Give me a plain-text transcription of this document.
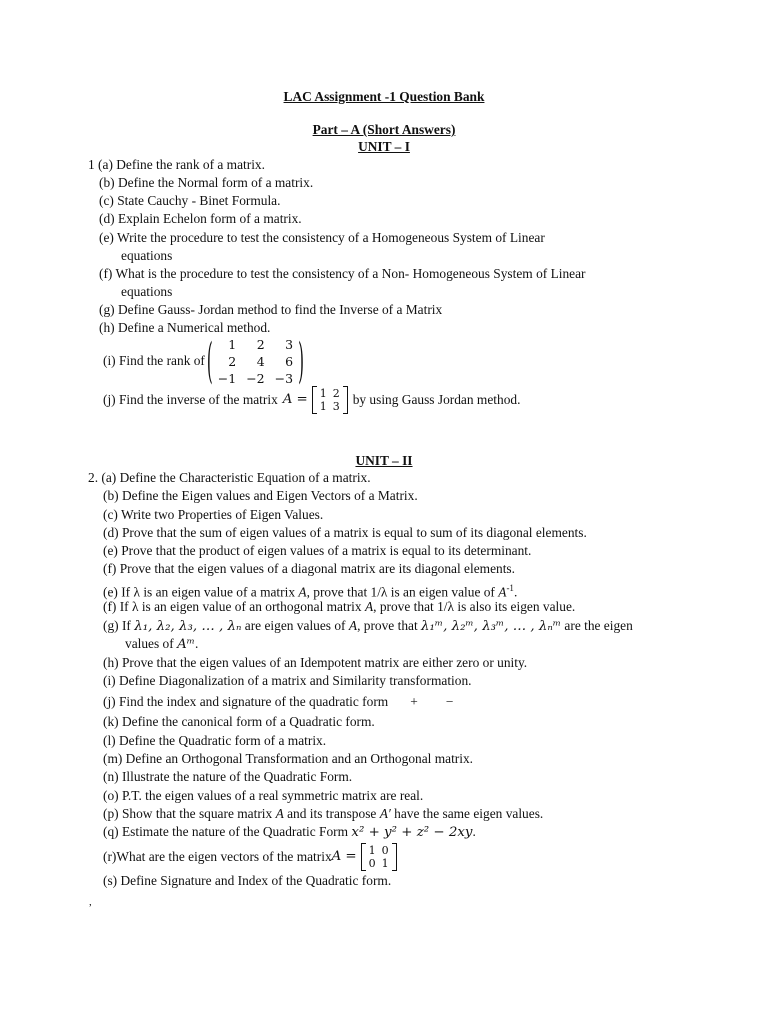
LAC Assignment -1 Question Bank
Part – A (Short Answers)
UNIT – I
1 (a) Define the rank of a matrix.
(b) Define the Normal form of a matrix.
(c) State Cauchy - Binet Formula.
(d) Explain Echelon form of a matrix.
(e) Write the procedure to test the consistency of a Homogeneous System of Linear
equations
(f) What is the procedure to test the consistency of a Non- Homogeneous System of Linear
equations
(g) Define Gauss- Jordan method to find the Inverse of a Matrix
(h) Define a Numerical method.
(i) Find the rank of ( 1	2	3
2	4	6
−1	−2	−3 )
(j) Find the inverse of the matrix A = 1	2
1	3 by using Gauss Jordan method.
UNIT – II
2. (a) Define the Characteristic Equation of a matrix.
(b) Define the Eigen values and Eigen Vectors of a Matrix.
(c) Write two Properties of Eigen Values.
(d) Prove that the sum of eigen values of a matrix is equal to sum of its diagonal elements.
(e) Prove that the product of eigen values of a matrix is equal to its determinant.
(f) Prove that the eigen values of a diagonal matrix are its diagonal elements.
(e) If λ is an eigen value of a matrix A, prove that 1/λ is an eigen value of $A^{-1}$.
(f) If λ is an eigen value of an orthogonal matrix A, prove that 1/λ is also its eigen value.
(g) If λ₁, λ₂, λ₃, … , λₙ are eigen values of A, prove that λ₁ᵐ, λ₂ᵐ, λ₃ᵐ, … , λₙᵐ are the eigen
values of Aᵐ.
(h) Prove that the eigen values of an Idempotent matrix are either zero or unity.
(i) Define Diagonalization of a matrix and Similarity transformation.
(j) Find the index and signature of the quadratic form + −
(k) Define the canonical form of a Quadratic form.
(l) Define the Quadratic form of a matrix.
(m) Define an Orthogonal Transformation and an Orthogonal matrix.
(n) Illustrate the nature of the Quadratic Form.
(o) P.T. the eigen values of a real symmetric matrix are real.
(p) Show that the square matrix A and its transpose A′ have the same eigen values.
(q) Estimate the nature of the Quadratic Form x² + y² + z² − 2xy.
(r)What are the eigen vectors of the matrix A = 1	0
0	1
(s) Define Signature and Index of the Quadratic form.
,
